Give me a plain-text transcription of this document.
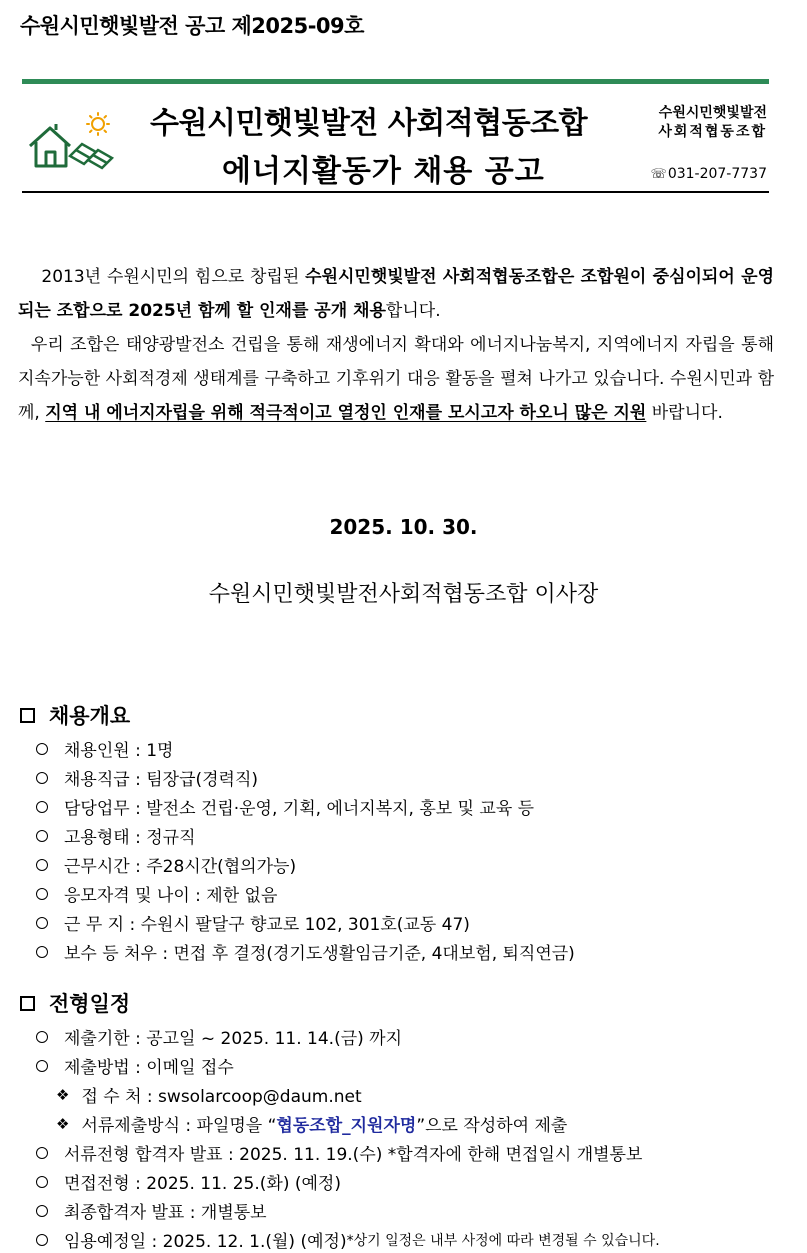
수원시민햇빛발전 공고 제2025-09호
수원시민햇빛발전 사회적협동조합
에너지활동가 채용 공고
수원시민햇빛발전
사회적협동조합
☏031-207-7737

2013년 수원시민의 힘으로 창립된 수원시민햇빛발전 사회적협동조합은 조합원이 중심이되어 운영되는 조합으로 2025년 함께 할 인재를 공개 채용합니다.

우리 조합은 태양광발전소 건립을 통해 재생에너지 확대와 에너지나눔복지, 지역에너지 자립을 통해 지속가능한 사회적경제 생태계를 구축하고 기후위기 대응 활동을 펼쳐 나가고 있습니다. 수원시민과 함께, 지역 내 에너지자립을 위해 적극적이고 열정인 인재를 모시고자 하오니 많은 지원 바랍니다.

2025. 10. 30.
수원시민햇빛발전사회적협동조합 이사장
채용개요
채용인원 : 1명
채용직급 : 팀장급(경력직)
담당업무 : 발전소 건립·운영, 기획, 에너지복지, 홍보 및 교육 등
고용형태 : 정규직
근무시간 : 주28시간(협의가능)
응모자격 및 나이 : 제한 없음
근 무 지 : 수원시 팔달구 향교로 102, 301호(교동 47)
보수 등 처우 : 면접 후 결정(경기도생활임금기준, 4대보험, 퇴직연금)
전형일정
제출기한 : 공고일 ~ 2025. 11. 14.(금) 까지
제출방법 : 이메일 접수
❖ 접 수 처 : swsolarcoop@daum.net
❖ 서류제출방식 : 파일명을 “ 협동조합_지원자명 ”으로 작성하여 제출
서류전형 합격자 발표 : 2025. 11. 19.(수) *합격자에 한해 면접일시 개별통보
면접전형 : 2025. 11. 25.(화) (예정)
최종합격자 발표 : 개별통보
임용예정일 : 2025. 12. 1.(월) (예정) *상기 일정은 내부 사정에 따라 변경될 수 있습니다.
